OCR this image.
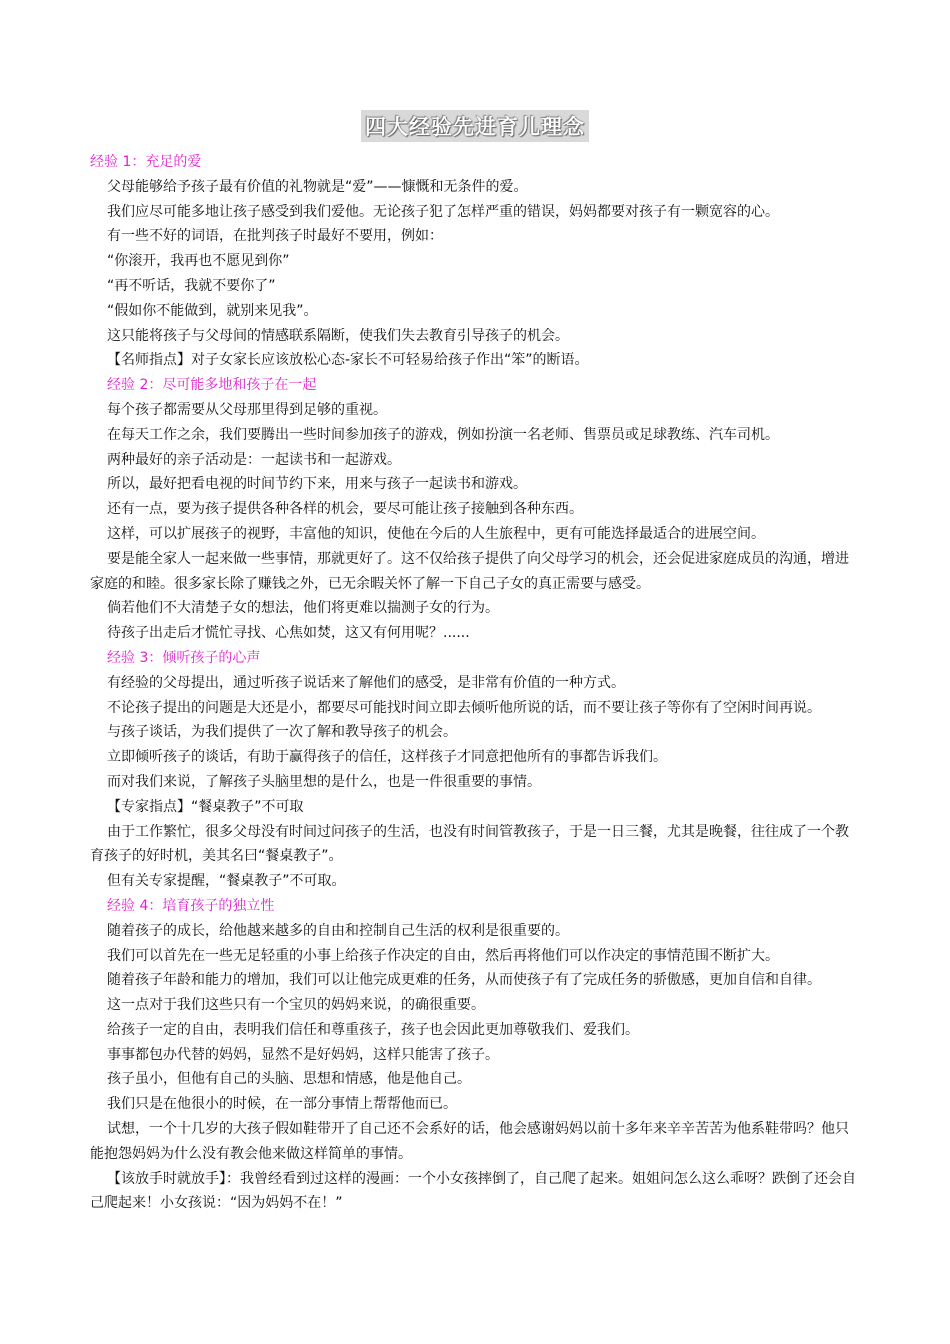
四大经验先进育儿理念

经验 1：充足的爱

父母能够给予孩子最有价值的礼物就是“爱”——慷慨和无条件的爱。

我们应尽可能多地让孩子感受到我们爱他。无论孩子犯了怎样严重的错误，妈妈都要对孩子有一颗宽容的心。

有一些不好的词语，在批判孩子时最好不要用，例如：

“你滚开，我再也不愿见到你”

“再不听话，我就不要你了”

“假如你不能做到，就别来见我”。

这只能将孩子与父母间的情感联系隔断，使我们失去教育引导孩子的机会。

【名师指点】对子女家长应该放松心态-家长不可轻易给孩子作出“笨”的断语。

经验 2：尽可能多地和孩子在一起

每个孩子都需要从父母那里得到足够的重视。

在每天工作之余，我们要腾出一些时间参加孩子的游戏，例如扮演一名老师、售票员或足球教练、汽车司机。

两种最好的亲子活动是：一起读书和一起游戏。

所以，最好把看电视的时间节约下来，用来与孩子一起读书和游戏。

还有一点，要为孩子提供各种各样的机会，要尽可能让孩子接触到各种东西。

这样，可以扩展孩子的视野，丰富他的知识，使他在今后的人生旅程中，更有可能选择最适合的进展空间。

要是能全家人一起来做一些事情，那就更好了。这不仅给孩子提供了向父母学习的机会，还会促进家庭成员的沟通，增进家庭的和睦。很多家长除了赚钱之外，已无余暇关怀了解一下自己子女的真正需要与感受。

倘若他们不大清楚子女的想法，他们将更难以揣测子女的行为。

待孩子出走后才慌忙寻找、心焦如焚，这又有何用呢？......

经验 3：倾听孩子的心声

有经验的父母提出，通过听孩子说话来了解他们的感受，是非常有价值的一种方式。

不论孩子提出的问题是大还是小，都要尽可能找时间立即去倾听他所说的话，而不要让孩子等你有了空闲时间再说。

与孩子谈话，为我们提供了一次了解和教导孩子的机会。

立即倾听孩子的谈话，有助于赢得孩子的信任，这样孩子才同意把他所有的事都告诉我们。

而对我们来说，了解孩子头脑里想的是什么，也是一件很重要的事情。

【专家指点】“餐桌教子”不可取

由于工作繁忙，很多父母没有时间过问孩子的生活，也没有时间管教孩子，于是一日三餐，尤其是晚餐，往往成了一个教育孩子的好时机，美其名曰“餐桌教子”。

但有关专家提醒，“餐桌教子”不可取。

经验 4：培育孩子的独立性

随着孩子的成长，给他越来越多的自由和控制自己生活的权利是很重要的。

我们可以首先在一些无足轻重的小事上给孩子作决定的自由，然后再将他们可以作决定的事情范围不断扩大。

随着孩子年龄和能力的增加，我们可以让他完成更难的任务，从而使孩子有了完成任务的骄傲感，更加自信和自律。

这一点对于我们这些只有一个宝贝的妈妈来说，的确很重要。

给孩子一定的自由，表明我们信任和尊重孩子，孩子也会因此更加尊敬我们、爱我们。

事事都包办代替的妈妈，显然不是好妈妈，这样只能害了孩子。

孩子虽小，但他有自己的头脑、思想和情感，他是他自己。

我们只是在他很小的时候，在一部分事情上帮帮他而已。

试想，一个十几岁的大孩子假如鞋带开了自己还不会系好的话，他会感谢妈妈以前十多年来辛辛苦苦为他系鞋带吗？他只能抱怨妈妈为什么没有教会他来做这样简单的事情。

【该放手时就放手】：我曾经看到过这样的漫画：一个小女孩摔倒了，自己爬了起来。姐姐问怎么这么乖呀？跌倒了还会自己爬起来！小女孩说：“因为妈妈不在！”
